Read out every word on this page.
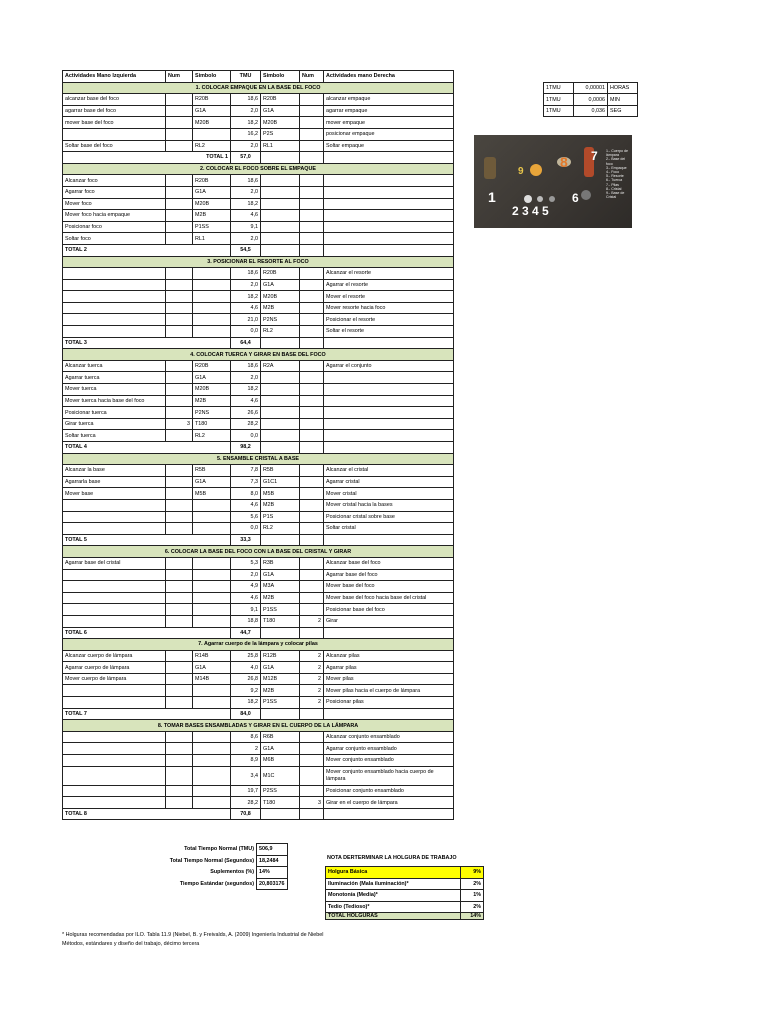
Actividades Mano Izquierda	Num	Simbolo	TMU	Simbolo	Num	Actividades mano Derecha
1. COLOCAR EMPAQUE EN LA BASE DEL FOCO						
alcanzar base del foco		R20B	18,6	R20B		alcanzar empaque
agarrar base del foco		G1A	2,0	G1A		agarrar empaque
mover base del foco		M20B	18,2	M20B		mover empaque
			16,2	P2S		posicionar empaque
Soltar base del foco		RL2	2,0	RL1		Soltar empaque
TOTAL 1			57,0			
2. COLOCAR EL FOCO SOBRE EL EMPAQUE						
Alcanzar foco		R20B	18,6			
Agarrar foco		G1A	2,0			
Mover foco		M20B	18,2			
Mover foco hacia empaque		M2B	4,6			
Posicionar foco		P1SS	9,1			
Soltar foco		RL1	2,0			
TOTAL 2			54,5			
3. POSICIONAR EL RESORTE AL FOCO						
			18,6	R20B		Alcanzar el resorte
			2,0	G1A		Agarrar el resorte
			18,2	M20B		Mover el resorte
			4,6	M2B		Mover resorte hacia foco
			21,0	P2NS		Posicionar el resorte
			0,0	RL2		Soltar el resorte
TOTAL 3			64,4			
4. COLOCAR TUERCA Y GIRAR EN BASE DEL FOCO						
Alcanzar tuerca		R20B	18,6	R2A		Agarrar el conjunto
Agarrar tuerca		G1A	2,0			
Mover tuerca		M20B	18,2			
Mover tuerca hacia base del foco		M2B	4,6			
Posicionar tuerca		P2NS	26,6			
Girar tuerca	3	T180	28,2			
Soltar tuerca		RL2	0,0			
TOTAL 4			98,2			
5. ENSAMBLE CRISTAL A BASE						
Alcanzar la base		R5B	7,8	R5B		Alcanzar el cristal
Agarrarla base		G1A	7,3	G1C1		Agarrar cristal
Mover base		M5B	8,0	M5B		Mover cristal
			4,6	M2B		Mover cristal hacia la bases
			5,6	P1S		Posicionar cristal sobre base
			0,0	RL2		Soltar cristal
TOTAL 5			33,3			
6. COLOCAR LA BASE DEL FOCO CON LA BASE DEL CRISTAL Y GIRAR						
Agarrar base del cristal			5,3	R3B		Alcanzar base del foco
			2,0	G1A		Agarrar base del foco
			4,9	M3A		Mover base del foco
			4,6	M2B		Mover base del foco hacia base del cristal
			9,1	P1SS		Posicionar base del foco
			18,8	T180	2	Girar
TOTAL 6			44,7			
7. Agarrar cuerpo de la lámpara y colocar pilas						
Alcanzar cuerpo de lámpara		R14B	25,8	R12B	2	Alcanzar pilas
Agarrar cuerpo de lámpara		G1A	4,0	G1A	2	Agarrar pilas
Mover cuerpo de lámpara		M14B	26,8	M12B	2	Mover pilas
			9,2	M2B	2	Mover pilas hacia el cuerpo de lámpara
			18,2	P1SS	2	Posicionar pilas
TOTAL 7			84,0			
8. TOMAR BASES ENSAMBLADAS Y GIRAR EN EL CUERPO DE LA LÁMPARA						
			8,6	R6B		Alcanzar conjunto ensamblado
			2	G1A		Agarrar conjunto ensamblado
			8,9	M6B		Mover conjunto ensamblado
			3,4	M1C		Mover conjunto ensamblado hacia cuerpo de lámpara
			19,7	P2SS		Posicionar conjunto ensamblado
			28,2	T180	3	Girar en el cuerpo de lámpara
TOTAL 8			70,8			
Total Tiempo Normal (TMU)	506,9
Total Tiempo Normal (Segundos)	18,2484
Suplementos (%)	14%
Tiempo Estándar (segundos)	20,803176
1TMU	0,00001	HORAS
1TMU	0,0006	MIN
1TMU	0,036	SEG
1
2 3 4 5
6
7
8
9
1.- Cuerpo de lámpara
2.- Base del foco
3.- Empaque
4.- Foco
5.- Resorte
6.- Tuerca
7.- Pilas
8.- Cristal
9.- Base de Cristal
NOTA DERTERMINAR LA HOLGURA DE TRABAJO
Holgura Básica	9%
Iluminación (Mala iluminación)*	2%
Monotonía (Media)*	1%
Tedio (Tedioso)*	2%
TOTAL HOLGURAS	14%
* Holguras recomendadas por ILO. Tabla 11.9 (Niebel, B. y Freivalds, A. (2009) Ingeniería Industrial de Niebel
Métodos, estándares y diseño del trabajo, décimo tercera
